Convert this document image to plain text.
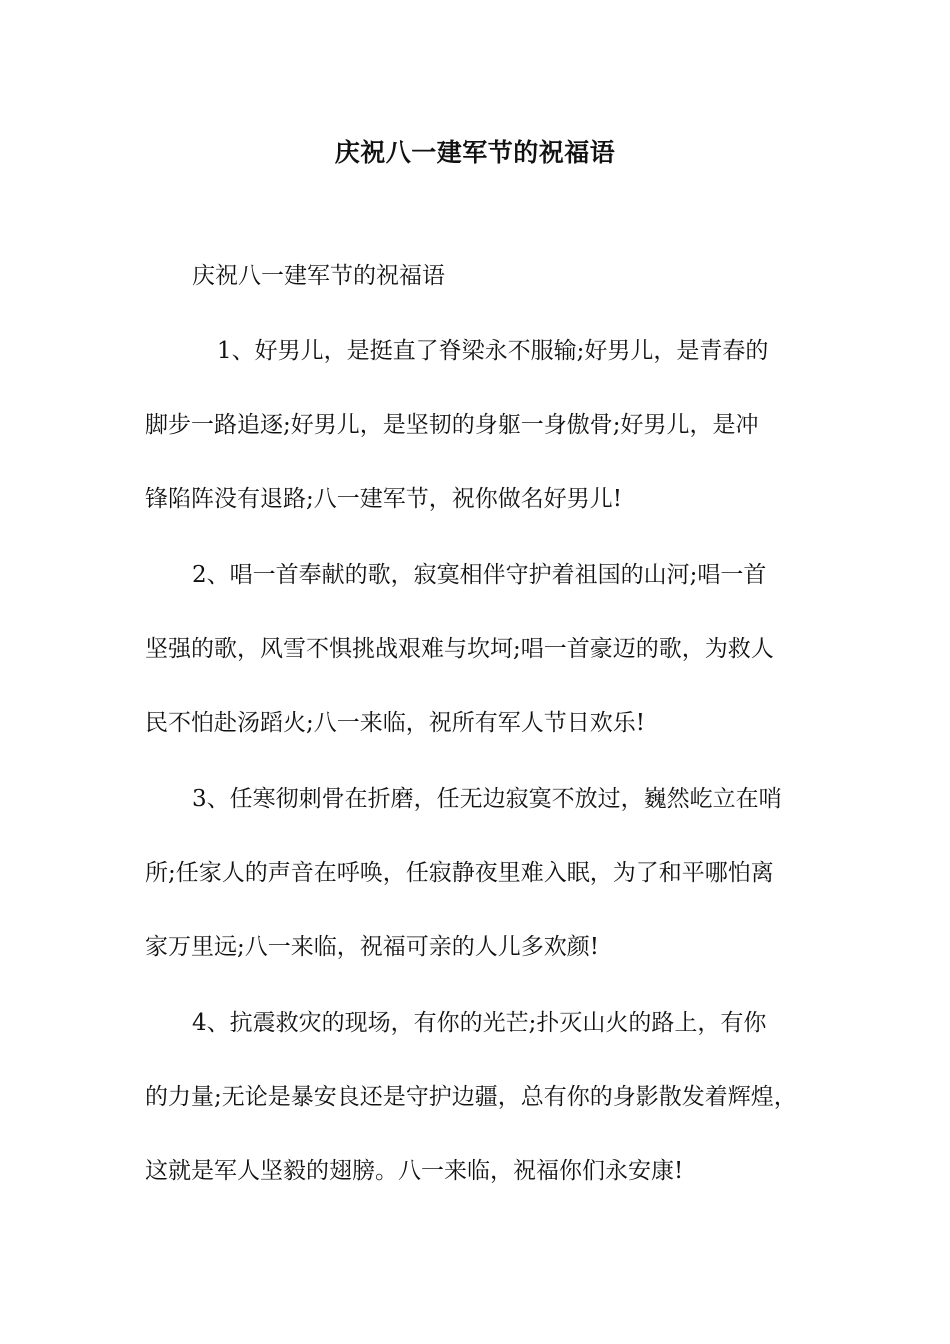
庆祝八一建军节的祝福语
庆祝八一建军节的祝福语
1、好男儿，是挺直了脊梁永不服输;好男儿，是青春的
脚步一路追逐;好男儿，是坚韧的身躯一身傲骨;好男儿，是冲
锋陷阵没有退路;八一建军节，祝你做名好男儿!
2、唱一首奉献的歌，寂寞相伴守护着祖国的山河;唱一首
坚强的歌，风雪不惧挑战艰难与坎坷;唱一首豪迈的歌，为救人
民不怕赴汤蹈火;八一来临，祝所有军人节日欢乐!
3、任寒彻刺骨在折磨，任无边寂寞不放过，巍然屹立在哨
所;任家人的声音在呼唤，任寂静夜里难入眠，为了和平哪怕离
家万里远;八一来临，祝福可亲的人儿多欢颜!
4、抗震救灾的现场，有你的光芒;扑灭山火的路上，有你
的力量;无论是暴安良还是守护边疆，总有你的身影散发着辉煌，
这就是军人坚毅的翅膀。八一来临，祝福你们永安康!
